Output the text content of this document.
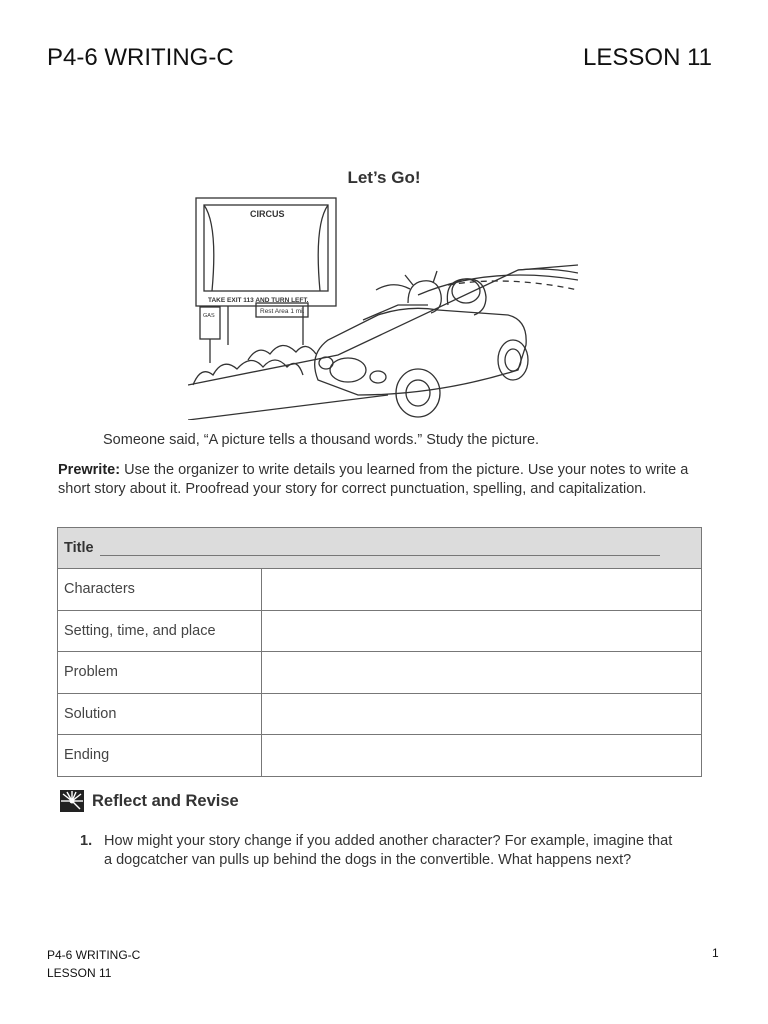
P4-6 WRITING-C	LESSON 11
Let’s Go!
CIRCUS
TAKE EXIT 113 AND TURN LEFT.
Rest Area 1 mi.
GAS
Someone said, “A picture tells a thousand words.” Study the picture.
Prewrite: Use the organizer to write details you learned from the picture. Use your notes to write a short story about it. Proofread your story for correct punctuation, spelling, and capitalization.
Title
Characters
Setting, time, and place
Problem
Solution
Ending
Reflect and Revise
1. How might your story change if you added another character? For example, imagine that a dogcatcher van pulls up behind the dogs in the convertible. What happens next?
P4-6 WRITING-C
LESSON 11
1
